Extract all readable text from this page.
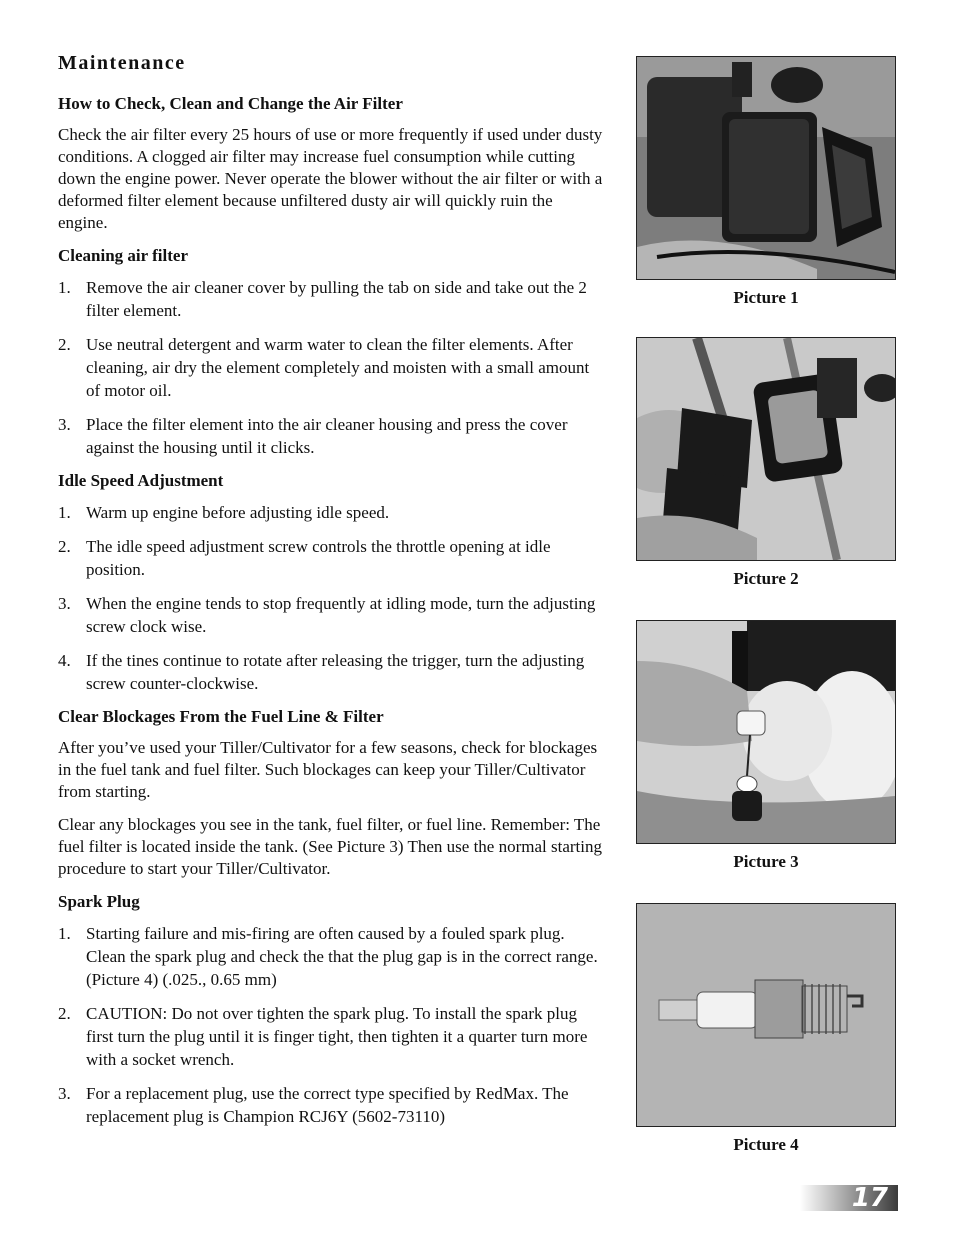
Maintenance
How to Check, Clean and Change the Air Filter

Check the air filter every 25 hours of use or more frequently if used under dusty conditions. A clogged air filter may increase fuel consumption while cutting down the engine power. Never operate the blower without the air filter or with a deformed filter element because unfiltered dusty air will quickly ruin the engine.

Cleaning air filter
1. Remove the air cleaner cover by pulling the tab on side and take out the 2 filter element.
2. Use neutral detergent and warm water to clean the filter elements. After cleaning, air dry the element completely and moisten with a small amount of motor oil.
3. Place the filter element into the air cleaner housing and press the cover against the housing until it clicks.
Idle Speed Adjustment
1. Warm up engine before adjusting idle speed.
2. The idle speed adjustment screw controls the throttle opening at idle position.
3. When the engine tends to stop frequently at idling mode, turn the adjusting screw clock wise.
4. If the tines continue to rotate after releasing the trigger, turn the adjusting screw counter-clockwise.
Clear Blockages From the Fuel Line & Filter

After you’ve used your Tiller/Cultivator for a few seasons, check for blockages in the fuel tank and fuel filter. Such blockages can keep your Tiller/Cultivator from starting.

Clear any blockages you see in the tank, fuel filter, or fuel line. Remember: The fuel filter is located inside the tank. (See Picture 3) Then use the normal starting procedure to start your Tiller/Cultivator.

Spark Plug
1. Starting failure and mis-firing are often caused by a fouled spark plug. Clean the spark plug and check the that the plug gap is in the correct range. (Picture 4) (.025., 0.65 mm)
2. CAUTION: Do not over tighten the spark plug. To install the spark plug first turn the plug until it is finger tight, then tighten it a quarter turn more with a socket wrench.
3. For a replacement plug, use the correct type specified by RedMax. The replacement plug is Champion RCJ6Y (5602-73110)
Picture 1
Picture 2
Picture 3
Picture 4
17
